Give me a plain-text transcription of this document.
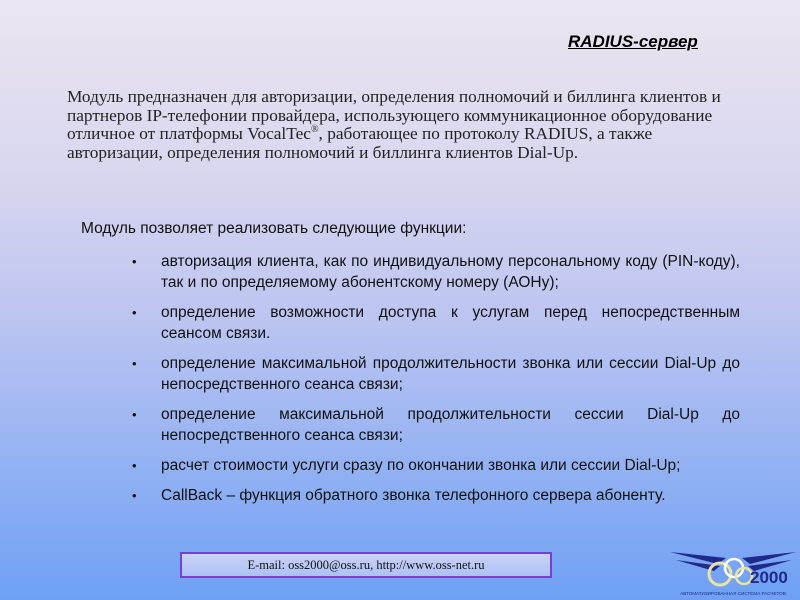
RADIUS-сервер
Модуль предназначен для авторизации, определения полномочий и биллинга клиентов и партнеров IP-телефонии провайдера, использующего коммуникационное оборудование отличное от платформы VocalTec®, работающее по протоколу RADIUS, а также авторизации, определения полномочий и биллинга клиентов Dial-Up.
Модуль позволяет реализовать следующие функции:
• авторизация клиента, как по индивидуальному персональному коду (PIN-коду), так и по определяемому абонентскому номеру (АОНу);
• определение возможности доступа к услугам перед непосредственным сеансом связи.
• определение максимальной продолжительности звонка или сессии Dial-Up до непосредственного сеанса связи;
• определение максимальной продолжительности сессии Dial-Up до непосредственного сеанса связи;
• расчет стоимости услуги сразу по окончании звонка или сессии Dial-Up;
• CallBack – функция обратного звонка телефонного сервера абоненту.
E-mail: oss2000@oss.ru, http://www.oss-net.ru
2000
АВТОМАТИЗИРОВАННАЯ СИСТЕМА РАСЧЕТОВ
